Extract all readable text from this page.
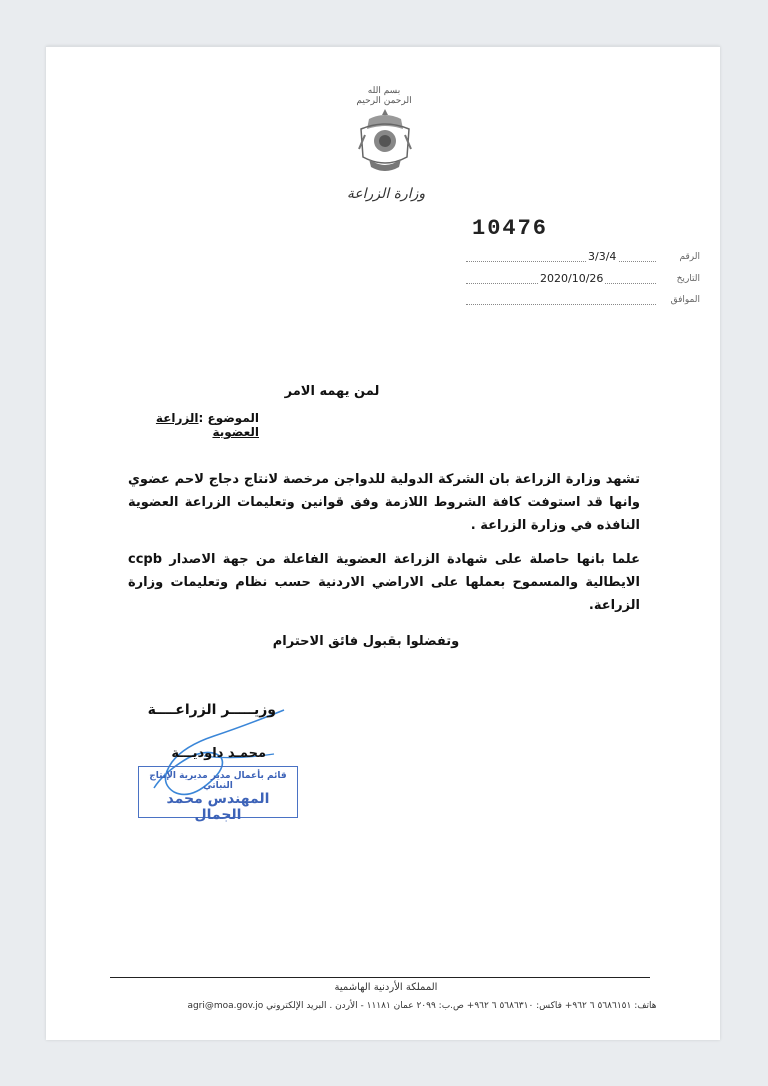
بسم الله الرحمن الرحيم
وزارة الزراعة
10476
الرقم
3/3/4
التاريخ
2020/10/26
الموافق
لمن يهمه الامر
الموضوع :الزراعة العضوية
تشهد وزارة الزراعة بان الشركة الدولية للدواجن مرخصة لانتاج دجاج لاحم عضوي وانها قد استوفت كافة الشروط اللازمة وفق قوانين وتعليمات الزراعة العضوية النافذه في وزارة الزراعة .
علما بانها حاصلة على شهادة الزراعة العضوية الفاعلة من جهة الاصدار ccpb الايطالية والمسموح بعملها على الاراضي الاردنية حسب نظام وتعليمات وزارة الزراعة.
وتفضلوا بقبول فائق الاحترام
وزيـــــر الزراعــــة
محمـد داوديـــة
قائم بأعمال مدير مديرية الإنتاج النباتي
المهندس محمد الجمال
المملكة الأردنية الهاشمية
هاتف: ٥٦٨٦١٥١ ٦ ٩٦٢+ فاكس: ٥٦٨٦٣١٠ ٦ ٩٦٢+ ص.ب: ٢٠٩٩ عمان ١١١٨١ - الأردن . البريد الإلكتروني agri@moa.gov.jo
